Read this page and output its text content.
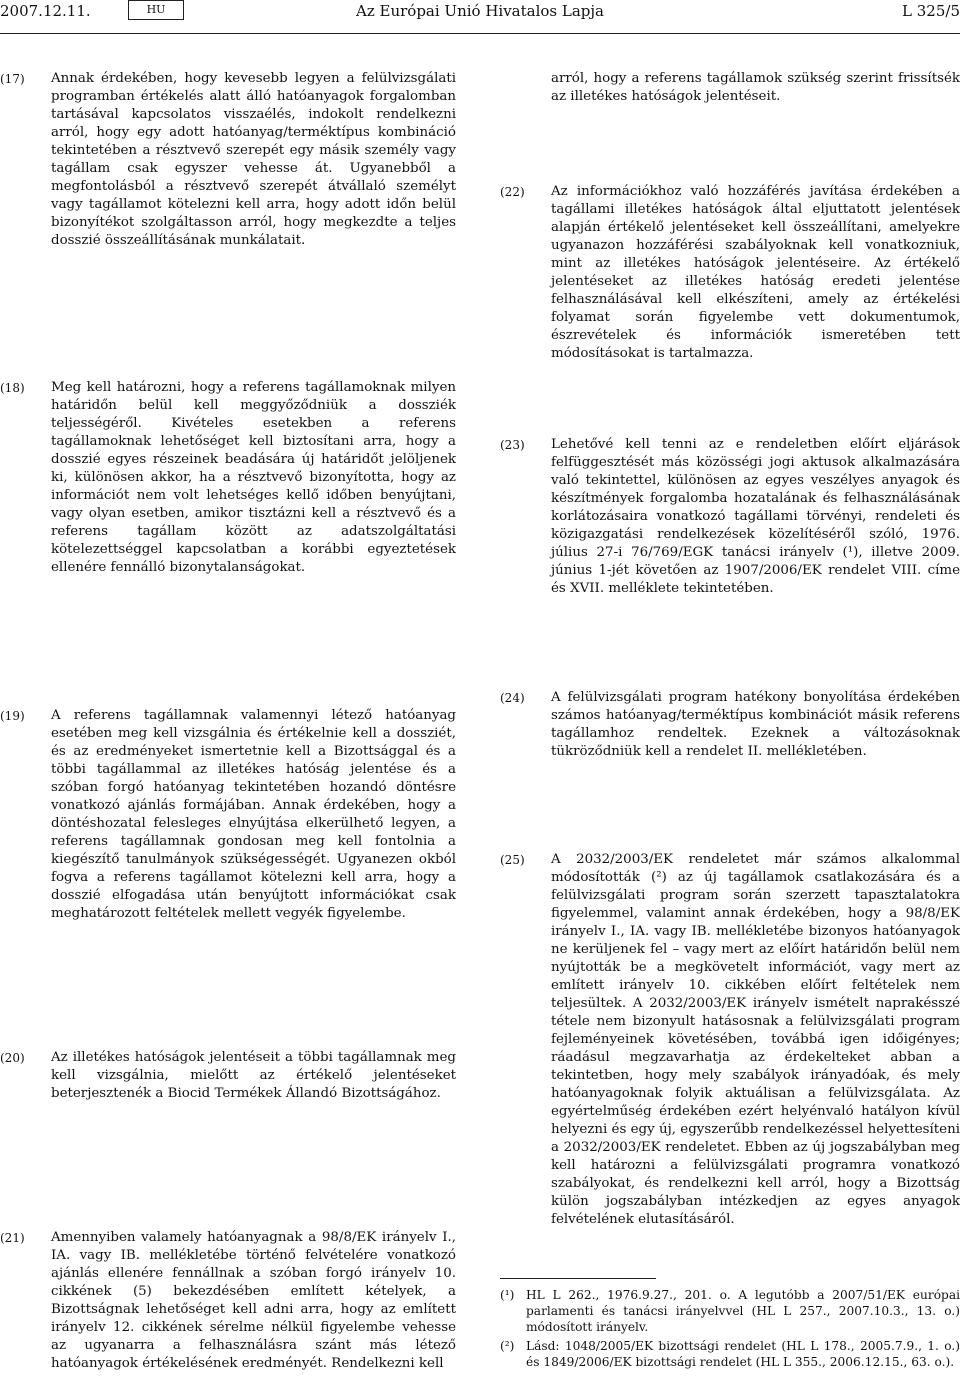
2007.12.11.	HU	Az Európai Unió Hivatalos Lapja	L 325/5
(17) Annak érdekében, hogy kevesebb legyen a felülvizsgálati programban értékelés alatt álló hatóanyagok forgalomban tartásával kapcsolatos visszaélés, indokolt rendelkezni arról, hogy egy adott hatóanyag/terméktípus kombináció tekintetében a résztvevő szerepét egy másik személy vagy tagállam csak egyszer vehesse át. Ugyanebből a megfontolásból a résztvevő szerepét átvállaló személyt vagy tagállamot kötelezni kell arra, hogy adott időn belül bizonyítékot szolgáltasson arról, hogy megkezdte a teljes dosszié összeállításának munkálatait.
(18) Meg kell határozni, hogy a referens tagállamoknak milyen határidőn belül kell meggyőződniük a dossziék teljességéről. Kivételes esetekben a referens tagállamoknak lehetőséget kell biztosítani arra, hogy a dosszié egyes részeinek beadására új határidőt jelöljenek ki, különösen akkor, ha a résztvevő bizonyította, hogy az információt nem volt lehetséges kellő időben benyújtani, vagy olyan esetben, amikor tisztázni kell a résztvevő és a referens tagállam között az adatszolgáltatási kötelezettséggel kapcsolatban a korábbi egyeztetések ellenére fennálló bizonytalanságokat.
arról, hogy a referens tagállamok szükség szerint frissítsék az illetékes hatóságok jelentéseit.
(22) Az információkhoz való hozzáférés javítása érdekében a tagállami illetékes hatóságok által eljuttatott jelentések alapján értékelő jelentéseket kell összeállítani, amelyekre ugyanazon hozzáférési szabályoknak kell vonatkozniuk, mint az illetékes hatóságok jelentéseire. Az értékelő jelentéseket az illetékes hatóság eredeti jelentése felhasználásával kell elkészíteni, amely az értékelési folyamat során figyelembe vett dokumentumok, észrevételek és információk ismeretében tett módosításokat is tartalmazza.
(23) Lehetővé kell tenni az e rendeletben előírt eljárások felfüggesztését más közösségi jogi aktusok alkalmazására való tekintettel, különösen az egyes veszélyes anyagok és készítmények forgalomba hozatalának és felhasználásának korlátozásaira vonatkozó tagállami törvényi, rendeleti és közigazgatási rendelkezések közelítéséről szóló, 1976. július 27-i 76/769/EGK tanácsi irányelv (¹), illetve 2009. június 1-jét követően az 1907/2006/EK rendelet VIII. címe és XVII. melléklete tekintetében.
(19) A referens tagállamnak valamennyi létező hatóanyag esetében meg kell vizsgálnia és értékelnie kell a dossziét, és az eredményeket ismertetnie kell a Bizottsággal és a többi tagállammal az illetékes hatóság jelentése és a szóban forgó hatóanyag tekintetében hozandó döntésre vonatkozó ajánlás formájában. Annak érdekében, hogy a döntéshozatal felesleges elnyújtása elkerülhető legyen, a referens tagállamnak gondosan meg kell fontolnia a kiegészítő tanulmányok szükségességét. Ugyanezen okból fogva a referens tagállamot kötelezni kell arra, hogy a dosszié elfogadása után benyújtott információkat csak meghatározott feltételek mellett vegyék figyelembe.
(20) Az illetékes hatóságok jelentéseit a többi tagállamnak meg kell vizsgálnia, mielőtt az értékelő jelentéseket beterjesztenék a Biocid Termékek Állandó Bizottságához.
(21) Amennyiben valamely hatóanyagnak a 98/8/EK irányelv I., IA. vagy IB. mellékletébe történő felvételére vonatkozó ajánlás ellenére fennállnak a szóban forgó irányelv 10. cikkének (5) bekezdésében említett kételyek, a Bizottságnak lehetőséget kell adni arra, hogy az említett irányelv 12. cikkének sérelme nélkül figyelembe vehesse az ugyanarra a felhasználásra szánt más létező hatóanyagok értékelésének eredményét. Rendelkezni kell
(24) A felülvizsgálati program hatékony bonyolítása érdekében számos hatóanyag/terméktípus kombinációt másik referens tagállamhoz rendeltek. Ezeknek a változásoknak tükröződniük kell a rendelet II. mellékletében.
(25) A 2032/2003/EK rendeletet már számos alkalommal módosították (²) az új tagállamok csatlakozására és a felülvizsgálati program során szerzett tapasztalatokra figyelemmel, valamint annak érdekében, hogy a 98/8/EK irányelv I., IA. vagy IB. mellékletébe bizonyos hatóanyagok ne kerüljenek fel – vagy mert az előírt határidőn belül nem nyújtották be a megkövetelt információt, vagy mert az említett irányelv 10. cikkében előírt feltételek nem teljesültek. A 2032/2003/EK irányelv ismételt naprakésszé tétele nem bizonyult hatásosnak a felülvizsgálati program fejleményeinek követésében, továbbá igen időigényes; ráadásul megzavarhatja az érdekelteket abban a tekintetben, hogy mely szabályok irányadóak, és mely hatóanyagoknak folyik aktuálisan a felülvizsgálata. Az egyértelműség érdekében ezért helyénvaló hatályon kívül helyezni és egy új, egyszerűbb rendelkezéssel helyettesíteni a 2032/2003/EK rendeletet. Ebben az új jogszabályban meg kell határozni a felülvizsgálati programra vonatkozó szabályokat, és rendelkezni kell arról, hogy a Bizottság külön jogszabályban intézkedjen az egyes anyagok felvételének elutasításáról.
(¹) HL L 262., 1976.9.27., 201. o. A legutóbb a 2007/51/EK európai parlamenti és tanácsi irányelvvel (HL L 257., 2007.10.3., 13. o.) módosított irányelv.
(²) Lásd: 1048/2005/EK bizottsági rendelet (HL L 178., 2005.7.9., 1. o.) és 1849/2006/EK bizottsági rendelet (HL L 355., 2006.12.15., 63. o.).
